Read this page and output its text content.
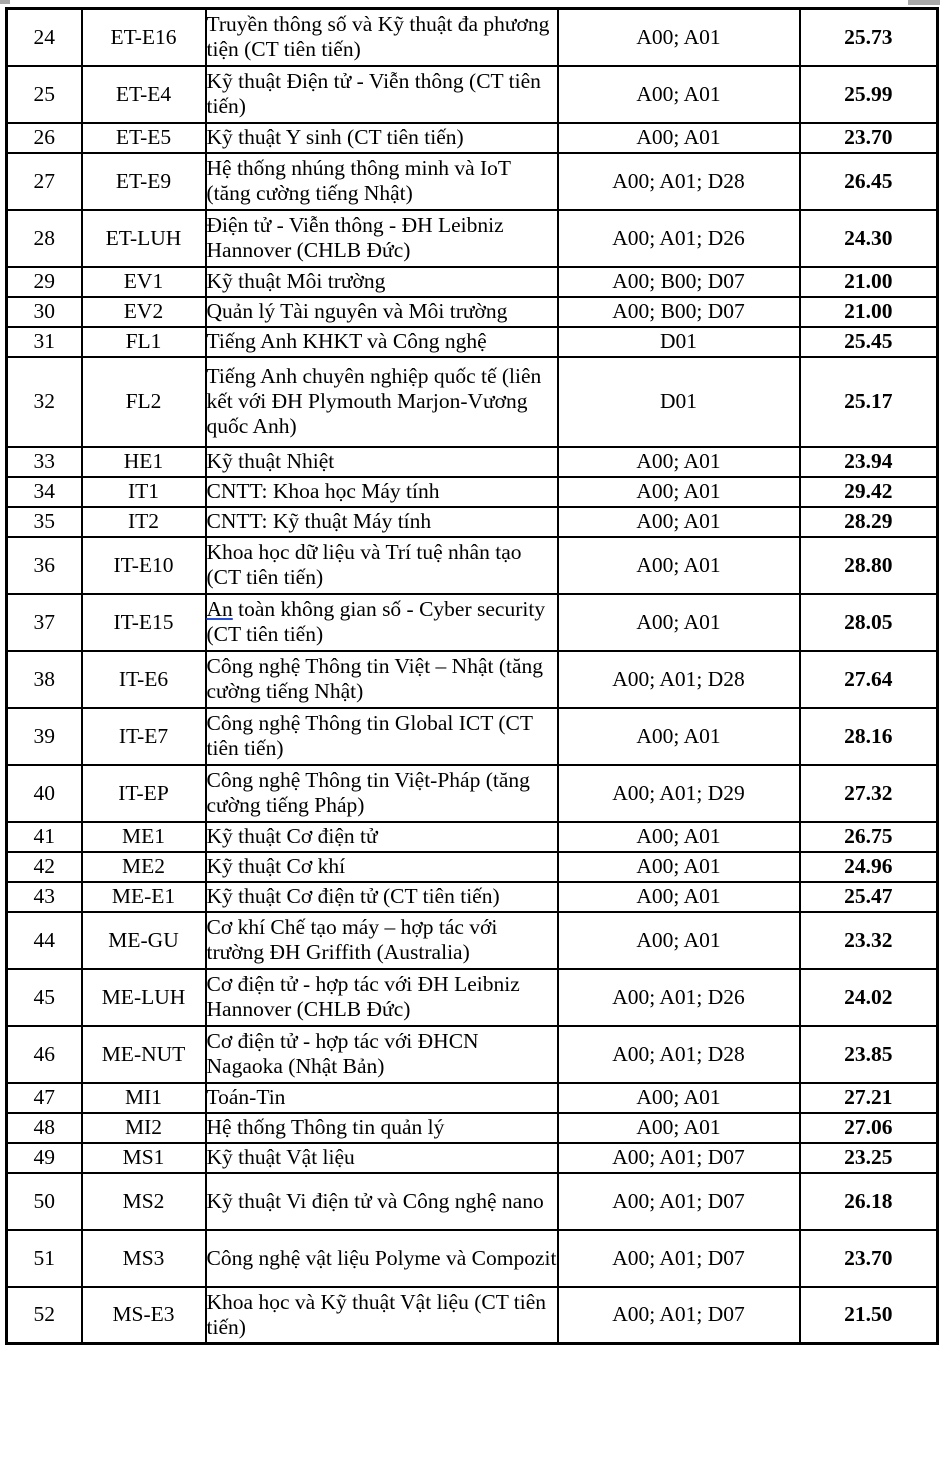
24	ET-E16	Truyền thông số và Kỹ thuật đa phương tiện (CT tiên tiến)	A00; A01	25.73
25	ET-E4	Kỹ thuật Điện tử - Viễn thông (CT tiên tiến)	A00; A01	25.99
26	ET-E5	Kỹ thuật Y sinh (CT tiên tiến)	A00; A01	23.70
27	ET-E9	Hệ thống nhúng thông minh và IoT (tăng cường tiếng Nhật)	A00; A01; D28	26.45
28	ET-LUH	Điện tử - Viễn thông - ĐH Leibniz Hannover (CHLB Đức)	A00; A01; D26	24.30
29	EV1	Kỹ thuật Môi trường	A00; B00; D07	21.00
30	EV2	Quản lý Tài nguyên và Môi trường	A00; B00; D07	21.00
31	FL1	Tiếng Anh KHKT và Công nghệ	D01	25.45
32	FL2	Tiếng Anh chuyên nghiệp quốc tế (liên kết với ĐH Plymouth Marjon-Vương quốc Anh)	D01	25.17
33	HE1	Kỹ thuật Nhiệt	A00; A01	23.94
34	IT1	CNTT: Khoa học Máy tính	A00; A01	29.42
35	IT2	CNTT: Kỹ thuật Máy tính	A00; A01	28.29
36	IT-E10	Khoa học dữ liệu và Trí tuệ nhân tạo (CT tiên tiến)	A00; A01	28.80
37	IT-E15	An toàn không gian số - Cyber security (CT tiên tiến)	A00; A01	28.05
38	IT-E6	Công nghệ Thông tin Việt – Nhật (tăng cường tiếng Nhật)	A00; A01; D28	27.64
39	IT-E7	Công nghệ Thông tin Global ICT (CT tiên tiến)	A00; A01	28.16
40	IT-EP	Công nghệ Thông tin Việt-Pháp (tăng cường tiếng Pháp)	A00; A01; D29	27.32
41	ME1	Kỹ thuật Cơ điện tử	A00; A01	26.75
42	ME2	Kỹ thuật Cơ khí	A00; A01	24.96
43	ME-E1	Kỹ thuật Cơ điện tử (CT tiên tiến)	A00; A01	25.47
44	ME-GU	Cơ khí Chế tạo máy – hợp tác với trường ĐH Griffith (Australia)	A00; A01	23.32
45	ME-LUH	Cơ điện tử - hợp tác với ĐH Leibniz Hannover (CHLB Đức)	A00; A01; D26	24.02
46	ME-NUT	Cơ điện tử - hợp tác với ĐHCN Nagaoka (Nhật Bản)	A00; A01; D28	23.85
47	MI1	Toán-Tin	A00; A01	27.21
48	MI2	Hệ thống Thông tin quản lý	A00; A01	27.06
49	MS1	Kỹ thuật Vật liệu	A00; A01; D07	23.25
50	MS2	Kỹ thuật Vi điện tử và Công nghệ nano	A00; A01; D07	26.18
51	MS3	Công nghệ vật liệu Polyme và Compozit	A00; A01; D07	23.70
52	MS-E3	Khoa học và Kỹ thuật Vật liệu (CT tiên tiến)	A00; A01; D07	21.50
